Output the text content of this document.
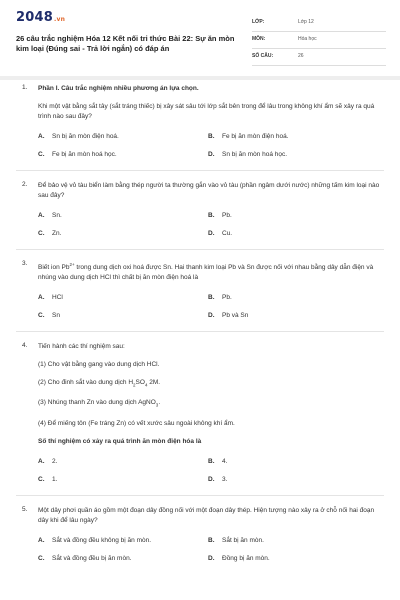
2048.vn
26 câu trắc nghiệm Hóa 12 Kết nối tri thức Bài 22: Sự ăn mòn kim loại (Đúng sai - Trả lời ngắn) có đáp án
LỚP:	Lớp 12
MÔN:	Hóa học
SỐ CÂU:	26
1. Phần I. Câu trắc nghiệm nhiều phương án lựa chọn.
Khi một vật bằng sắt tây (sắt tráng thiếc) bị xây sát sâu tới lớp sắt bên trong để lâu trong không khí ẩm sẽ xảy ra quá trình nào sau đây?
A. Sn bị ăn mòn điện hoá.	B. Fe bị ăn mòn điện hoá.
C. Fe bị ăn mòn hoá học.	D. Sn bị ăn mòn hoá học.
2. Để bảo vệ vỏ tàu biển làm bằng thép người ta thường gắn vào vỏ tàu (phần ngâm dưới nước) những tấm kim loại nào sau đây?
A. Sn.	B. Pb.
C. Zn.	D. Cu.
3.
Biết ion $Pb^{2+}$ trong dung dịch oxi hoá được Sn. Hai thanh kim loại Pb và Sn được nối với nhau bằng dây dẫn điện và nhúng vào dung dịch HCl thì chất bị ăn mòn điện hoá là
A. HCl	B. Pb.
C. Sn	D. Pb và Sn
4. Tiến hành các thí nghiệm sau:
(1) Cho vật bằng gang vào dung dịch HCl.
(2) Cho đinh sắt vào dung dịch $H_2SO_4$ 2M.
(3) Nhúng thanh Zn vào dung dịch AgNO$_3$.
(4) Để miếng tôn (Fe tráng Zn) có vết xước sâu ngoài không khí ẩm.
Số thí nghiệm có xảy ra quá trình ăn mòn điện hóa là
A. 2.	B. 4.
C. 1.	D. 3.
5. Một dây phơi quần áo gồm một đoạn dây đồng nối với một đoạn dây thép. Hiện tượng nào xảy ra ở chỗ nối hai đoạn dây khi để lâu ngày?
A. Sắt và đồng đều không bị ăn mòn.	B. Sắt bị ăn mòn.
C. Sắt và đồng đều bị ăn mòn.	D. Đồng bị ăn mòn.
